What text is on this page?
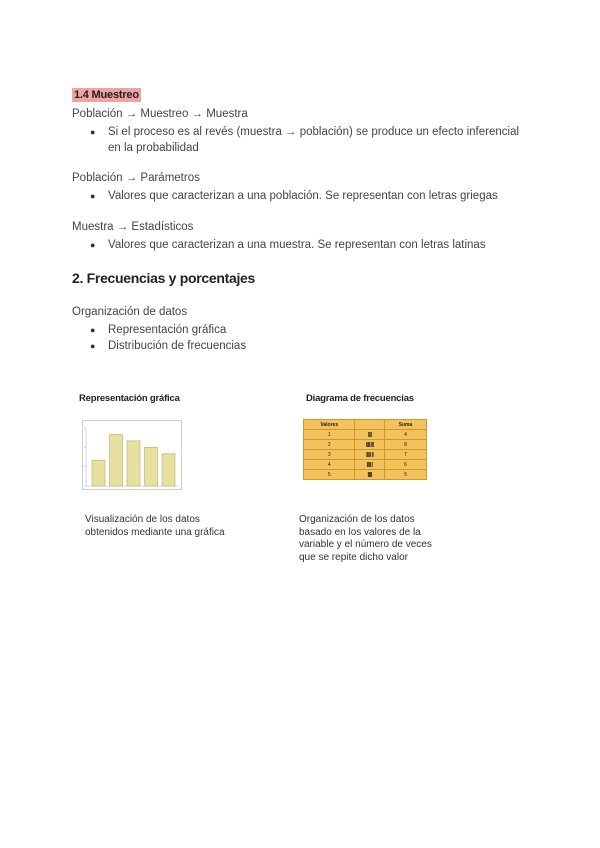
1.4 Muestreo
Población → Muestreo → Muestra
● Si el proceso es al revés (muestra → población) se produce un efecto inferencial en la probabilidad
Población → Parámetros
● Valores que caracterizan a una población. Se representan con letras griegas
Muestra → Estadísticos
● Valores que caracterizan a una muestra. Se representan con letras latinas
2. Frecuencias y porcentajes
Organización de datos
● Representación gráfica
● Distribución de frecuencias
Representación gráfica
Visualización de los datos obtenidos mediante una gráfica
Diagrama de frecuencias
Valores		Suma
1	||||	4
2	||||| |||	8
3	||||| ||	7
4	||||| |	6
5	|||||	5
Organización de los datos basado en los valores de la variable y el número de veces que se repite dicho valor
